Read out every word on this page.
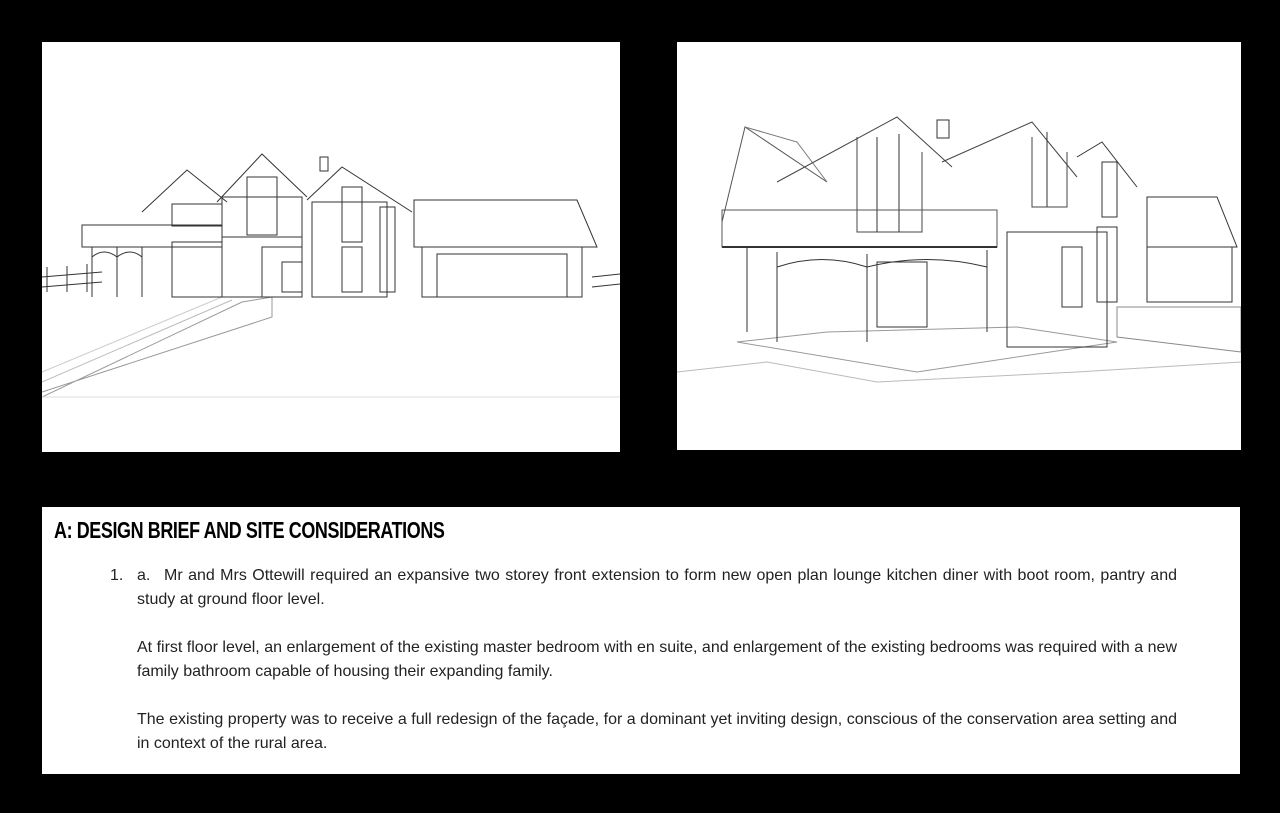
A: DESIGN BRIEF AND SITE CONSIDERATIONS
1. a. Mr and Mrs Ottewill required an expansive two storey front extension to form new open plan lounge kitchen diner with boot room, pantry and study at ground floor level.

At first floor level, an enlargement of the existing master bedroom with en suite, and enlargement of the existing bedrooms was required with a new family bathroom capable of housing their expanding family.

The existing property was to receive a full redesign of the façade, for a dominant yet inviting design, conscious of the conservation area setting and in context of the rural area.
